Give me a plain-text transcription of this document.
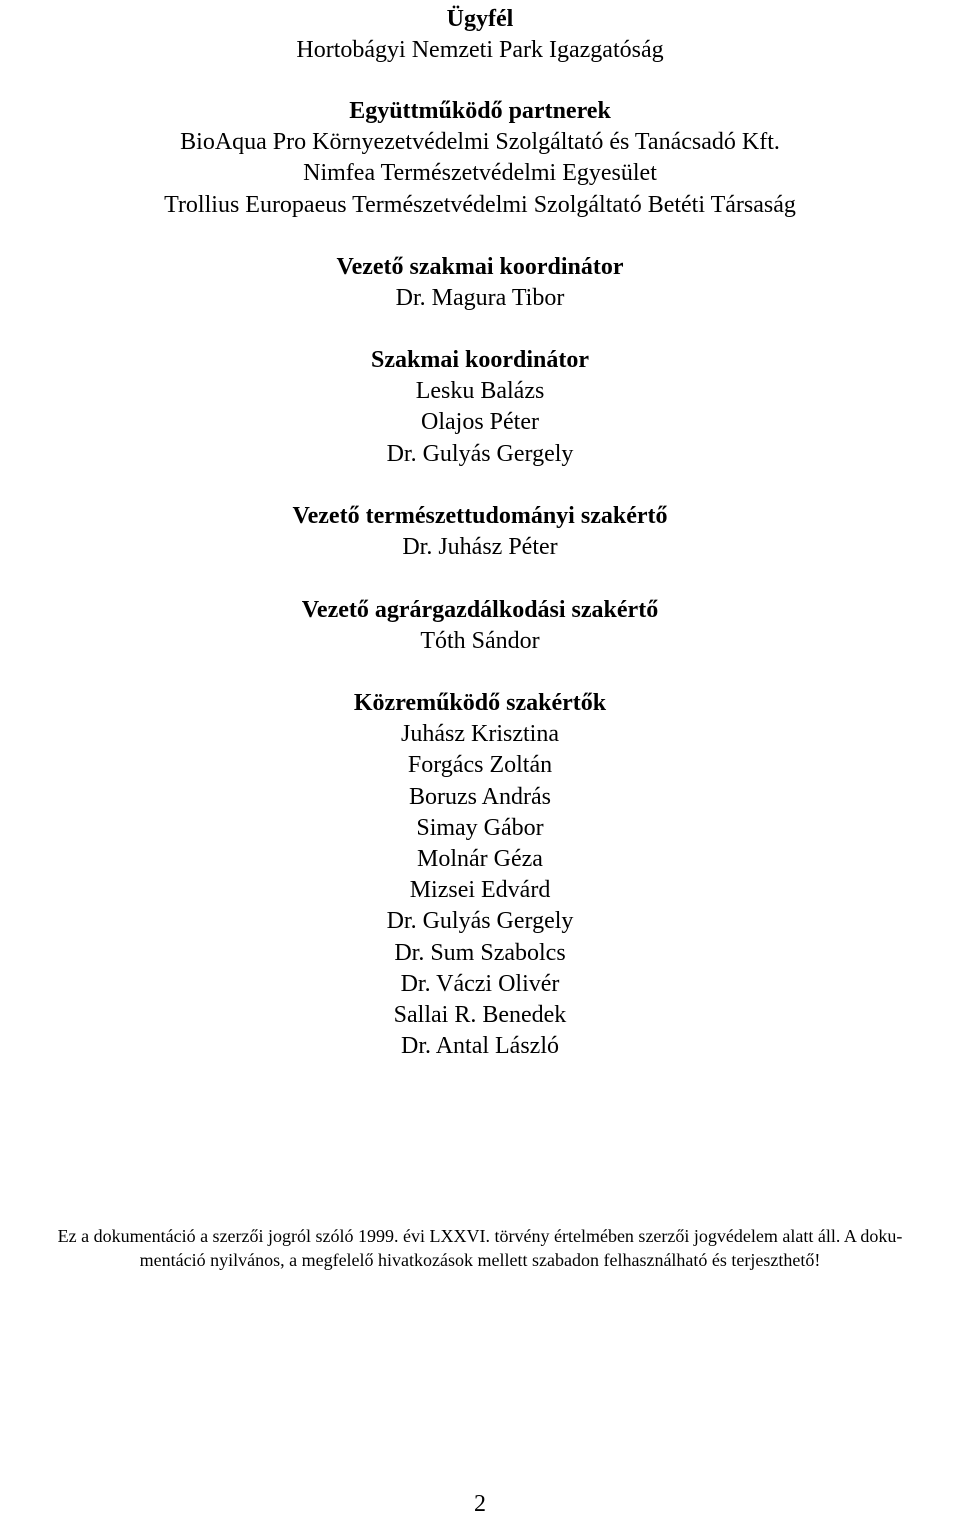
Ügyfél
Hortobágyi Nemzeti Park Igazgatóság
Együttműködő partnerek
BioAqua Pro Környezetvédelmi Szolgáltató és Tanácsadó Kft.
Nimfea Természetvédelmi Egyesület
Trollius Europaeus Természetvédelmi Szolgáltató Betéti Társaság
Vezető szakmai koordinátor
Dr. Magura Tibor
Szakmai koordinátor
Lesku Balázs
Olajos Péter
Dr. Gulyás Gergely
Vezető természettudományi szakértő
Dr. Juhász Péter
Vezető agrárgazdálkodási szakértő
Tóth Sándor
Közreműködő szakértők
Juhász Krisztina
Forgács Zoltán
Boruzs András
Simay Gábor
Molnár Géza
Mizsei Edvárd
Dr. Gulyás Gergely
Dr. Sum Szabolcs
Dr. Váczi Olivér
Sallai R. Benedek
Dr. Antal László
Ez a dokumentáció a szerzői jogról szóló 1999. évi LXXVI. törvény értelmében szerzői jogvédelem alatt áll. A doku-
mentáció nyilvános, a megfelelő hivatkozások mellett szabadon felhasználható és terjeszthető!
2
